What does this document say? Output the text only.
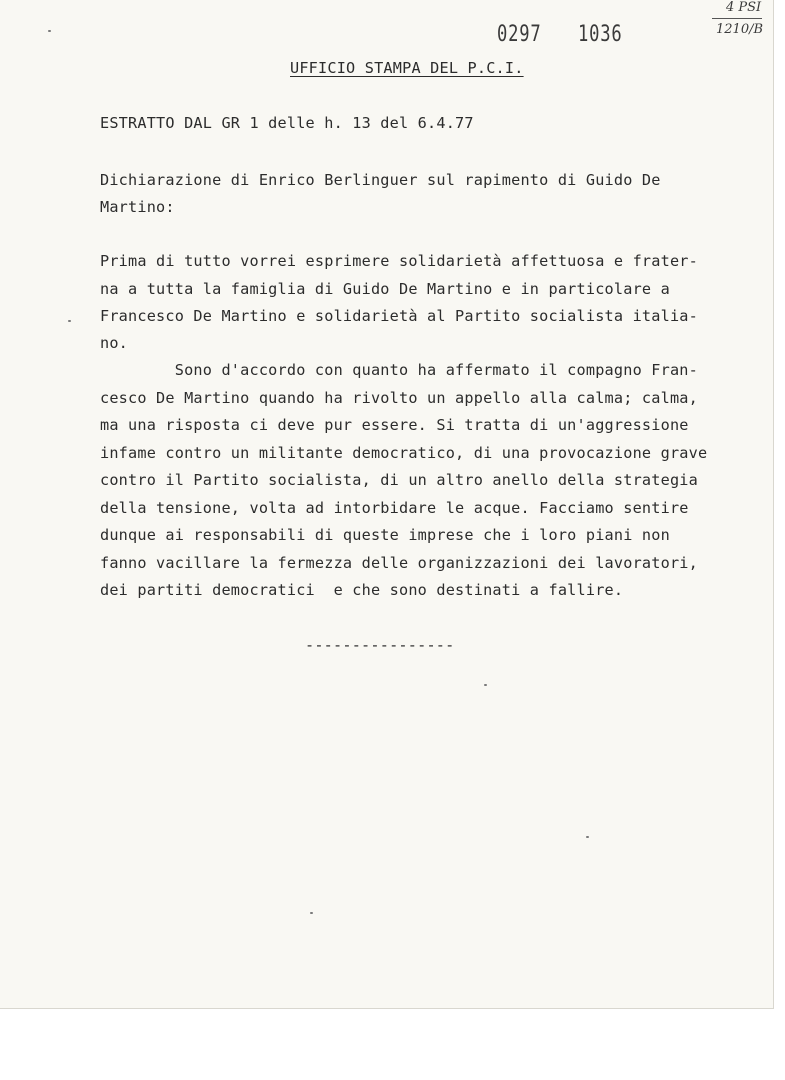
0297 1036
4 PSI
1210/B
UFFICIO STAMPA DEL P.C.I.
ESTRATTO DAL GR 1 delle h. 13 del 6.4.77
Dichiarazione di Enrico Berlinguer sul rapimento di Guido De
Martino:
Prima di tutto vorrei esprimere solidarietà affettuosa e frater-
na a tutta la famiglia di Guido De Martino e in particolare a
Francesco De Martino e solidarietà al Partito socialista italia-
no.
Sono d'accordo con quanto ha affermato il compagno Fran-
cesco De Martino quando ha rivolto un appello alla calma; calma,
ma una risposta ci deve pur essere. Si tratta di un'aggressione
infame contro un militante democratico, di una provocazione grave
contro il Partito socialista, di un altro anello della strategia
della tensione, volta ad intorbidare le acque. Facciamo sentire
dunque ai responsabili di queste imprese che i loro piani non
fanno vacillare la fermezza delle organizzazioni dei lavoratori,
dei partiti democratici  e che sono destinati a fallire.
----------------
